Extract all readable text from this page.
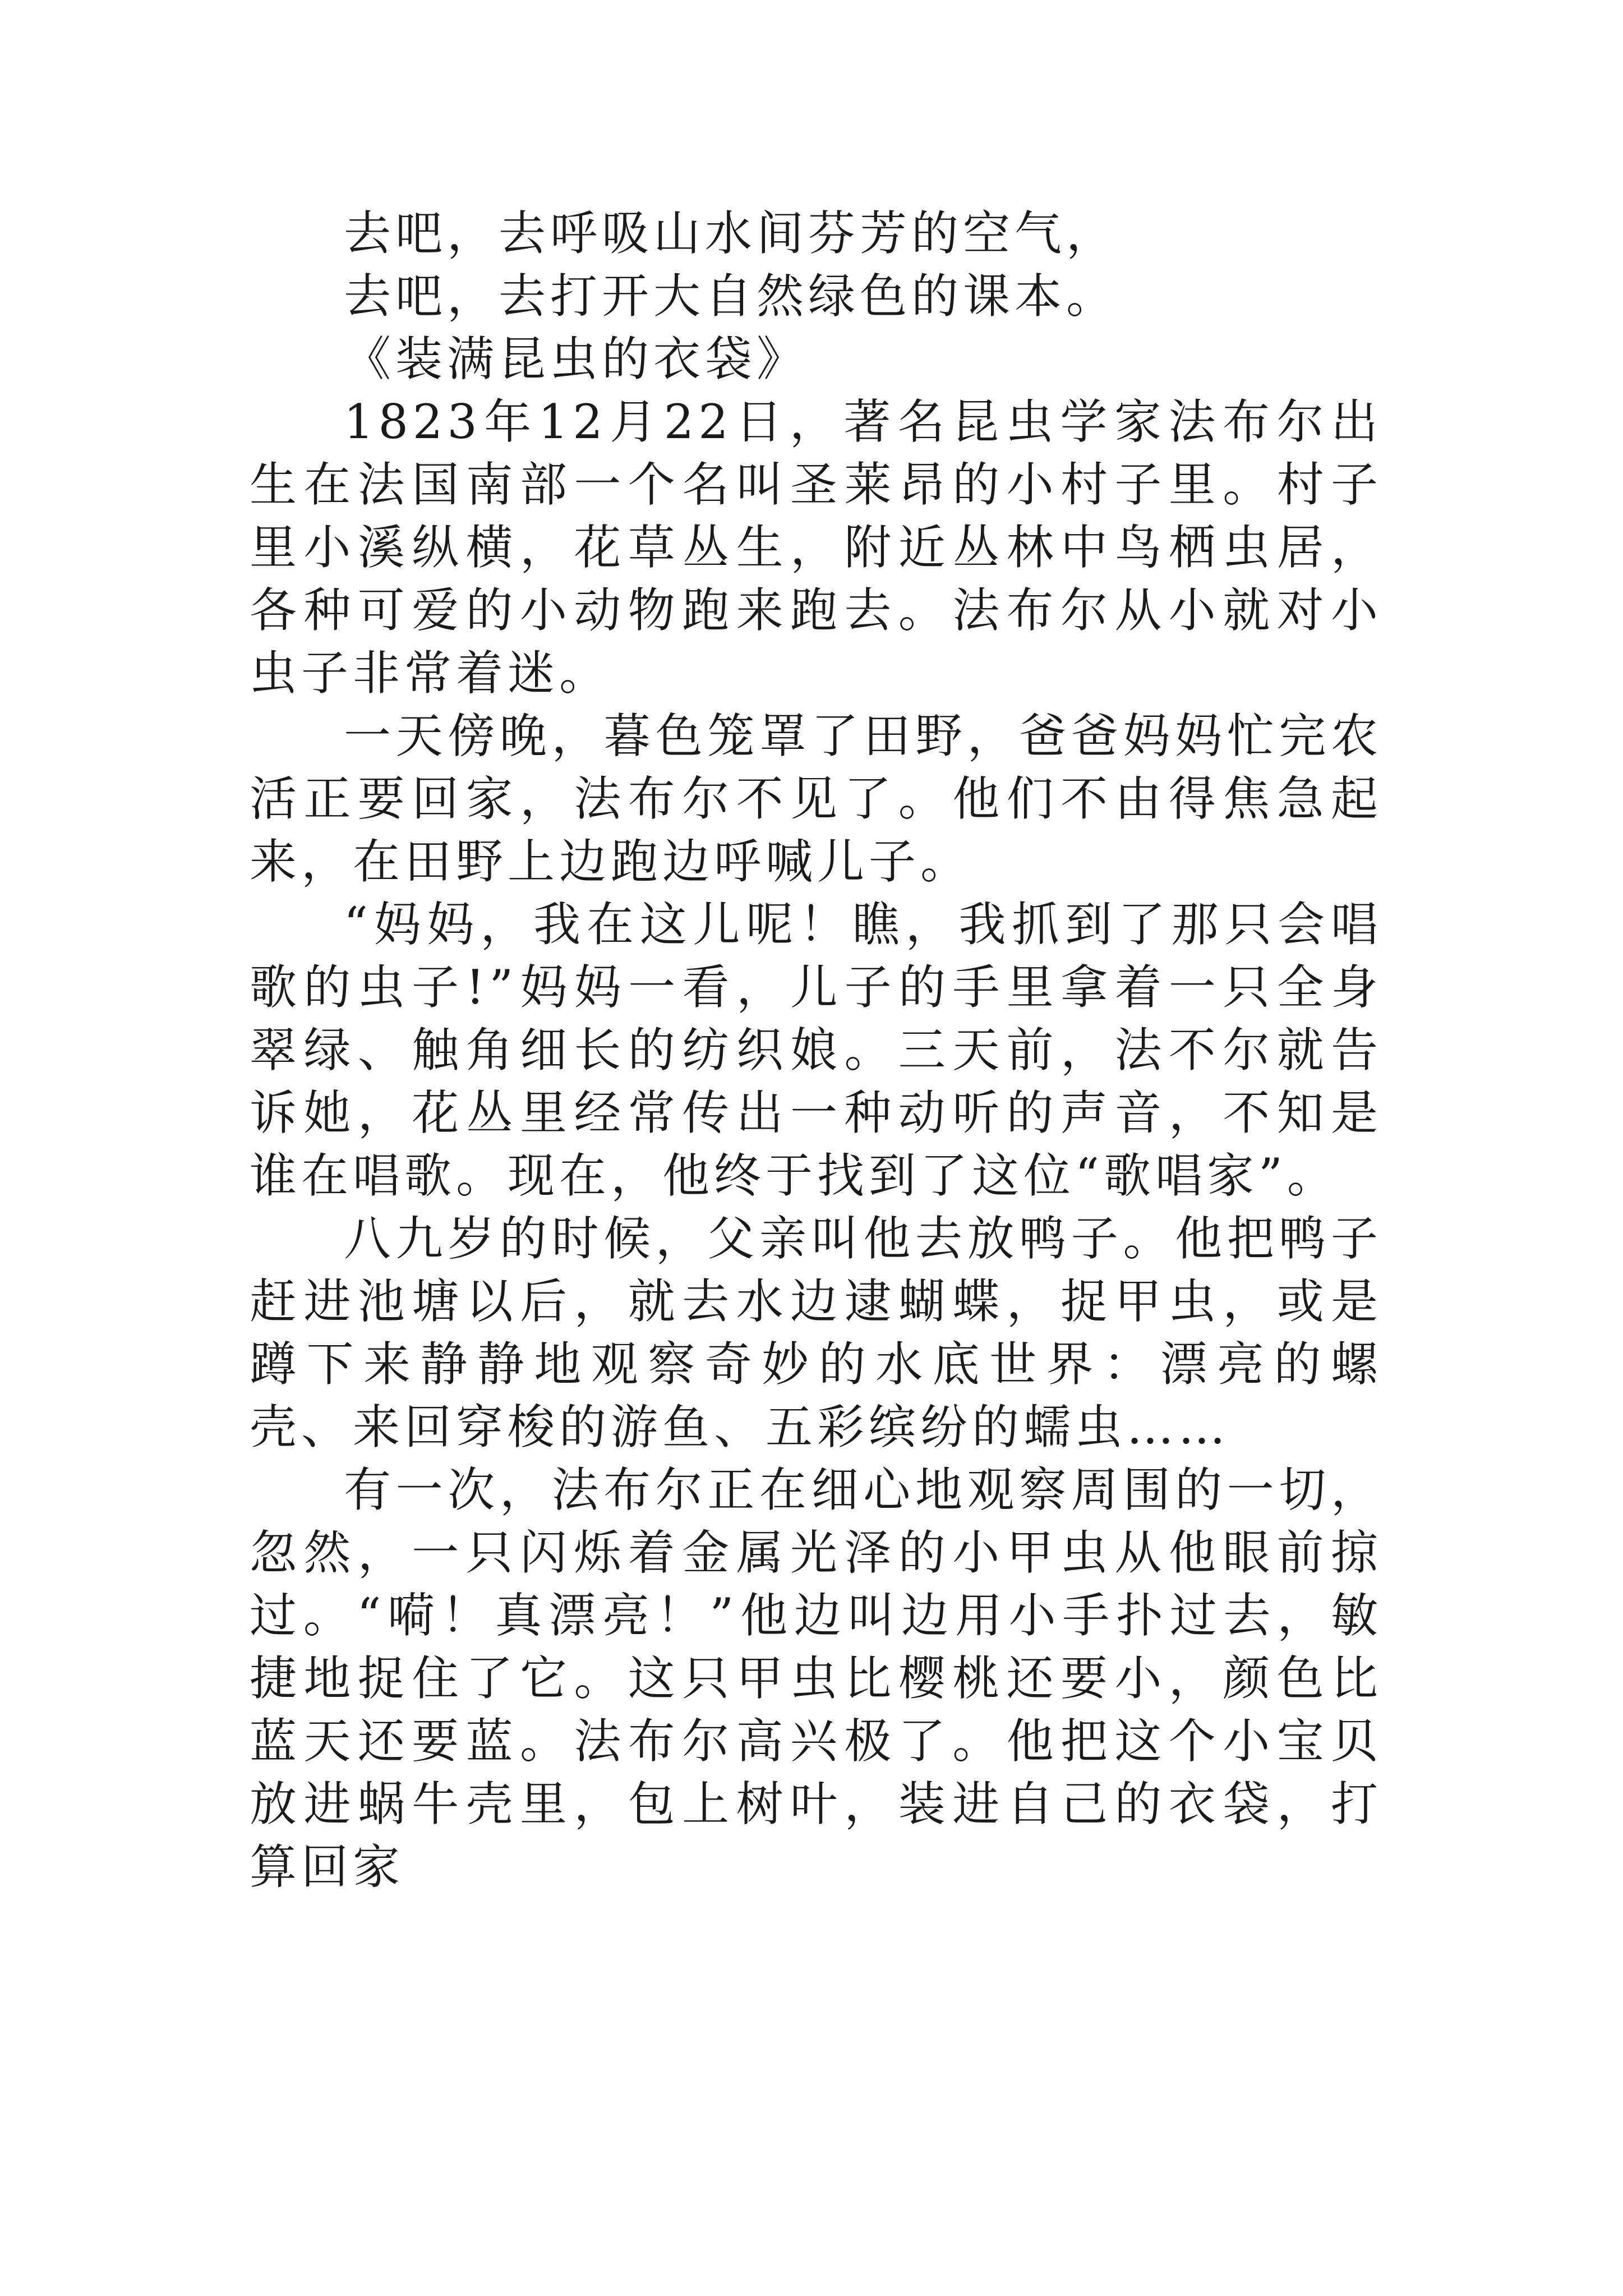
去吧，去呼吸山水间芬芳的空气，

去吧，去打开大自然绿色的课本。

《装满昆虫的衣袋》

1823年12月22日，著名昆虫学家法布尔出生在法国南部一个名叫圣莱昂的小村子里。村子里小溪纵横，花草丛生，附近丛林中鸟栖虫居，各种可爱的小动物跑来跑去。法布尔从小就对小虫子非常着迷。

一天傍晚，暮色笼罩了田野，爸爸妈妈忙完农活正要回家，法布尔不见了。他们不由得焦急起来，在田野上边跑边呼喊儿子。

“妈妈，我在这儿呢！瞧，我抓到了那只会唱歌的虫子!”妈妈一看，儿子的手里拿着一只全身翠绿、触角细长的纺织娘。三天前，法不尔就告诉她，花丛里经常传出一种动听的声音，不知是谁在唱歌。现在，他终于找到了这位“歌唱家”。

八九岁的时候，父亲叫他去放鸭子。他把鸭子赶进池塘以后，就去水边逮蝴蝶，捉甲虫，或是蹲下来静静地观察奇妙的水底世界：漂亮的螺壳、来回穿梭的游鱼、五彩缤纷的蠕虫……

有一次，法布尔正在细心地观察周围的一切，忽然，一只闪烁着金属光泽的小甲虫从他眼前掠过。“嗬！真漂亮！”他边叫边用小手扑过去，敏捷地捉住了它。这只甲虫比樱桃还要小，颜色比蓝天还要蓝。法布尔高兴极了。他把这个小宝贝放进蜗牛壳里，包上树叶，装进自己的衣袋，打算回家
